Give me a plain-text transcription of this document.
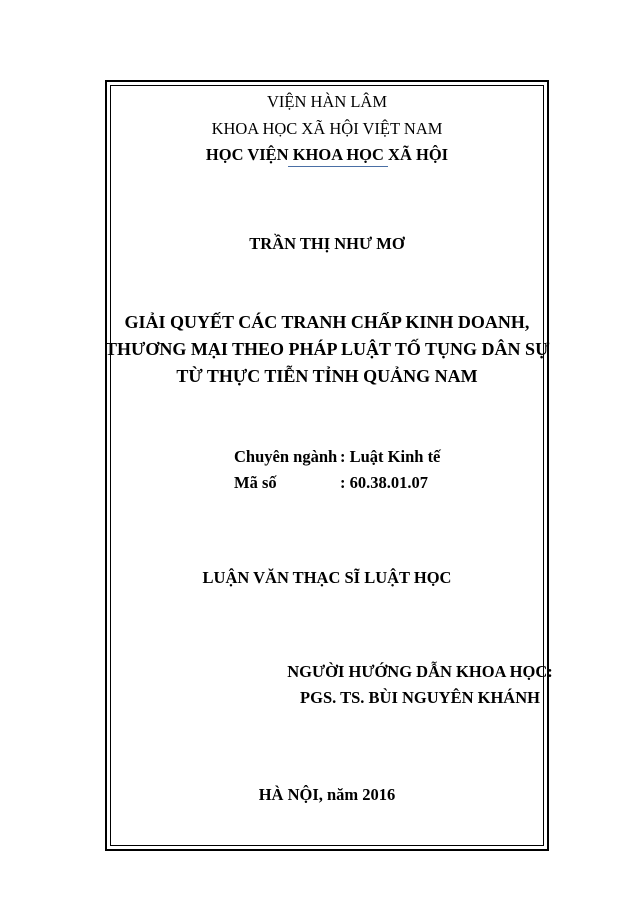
VIỆN HÀN LÂM
KHOA HỌC XÃ HỘI VIỆT NAM
HỌC VIỆN KHOA HỌC XÃ HỘI
TRẦN THỊ NHƯ MƠ
GIẢI QUYẾT CÁC TRANH CHẤP KINH DOANH,
THƯƠNG MẠI THEO PHÁP LUẬT TỐ TỤNG DÂN SỰ
TỪ THỰC TIỄN TỈNH QUẢNG NAM
Chuyên ngành : Luật Kinh tế
Mã số	: 60.38.01.07
LUẬN VĂN THẠC SĨ LUẬT HỌC
NGƯỜI HƯỚNG DẪN KHOA HỌC:
PGS. TS. BÙI NGUYÊN KHÁNH
HÀ NỘI, năm 2016
